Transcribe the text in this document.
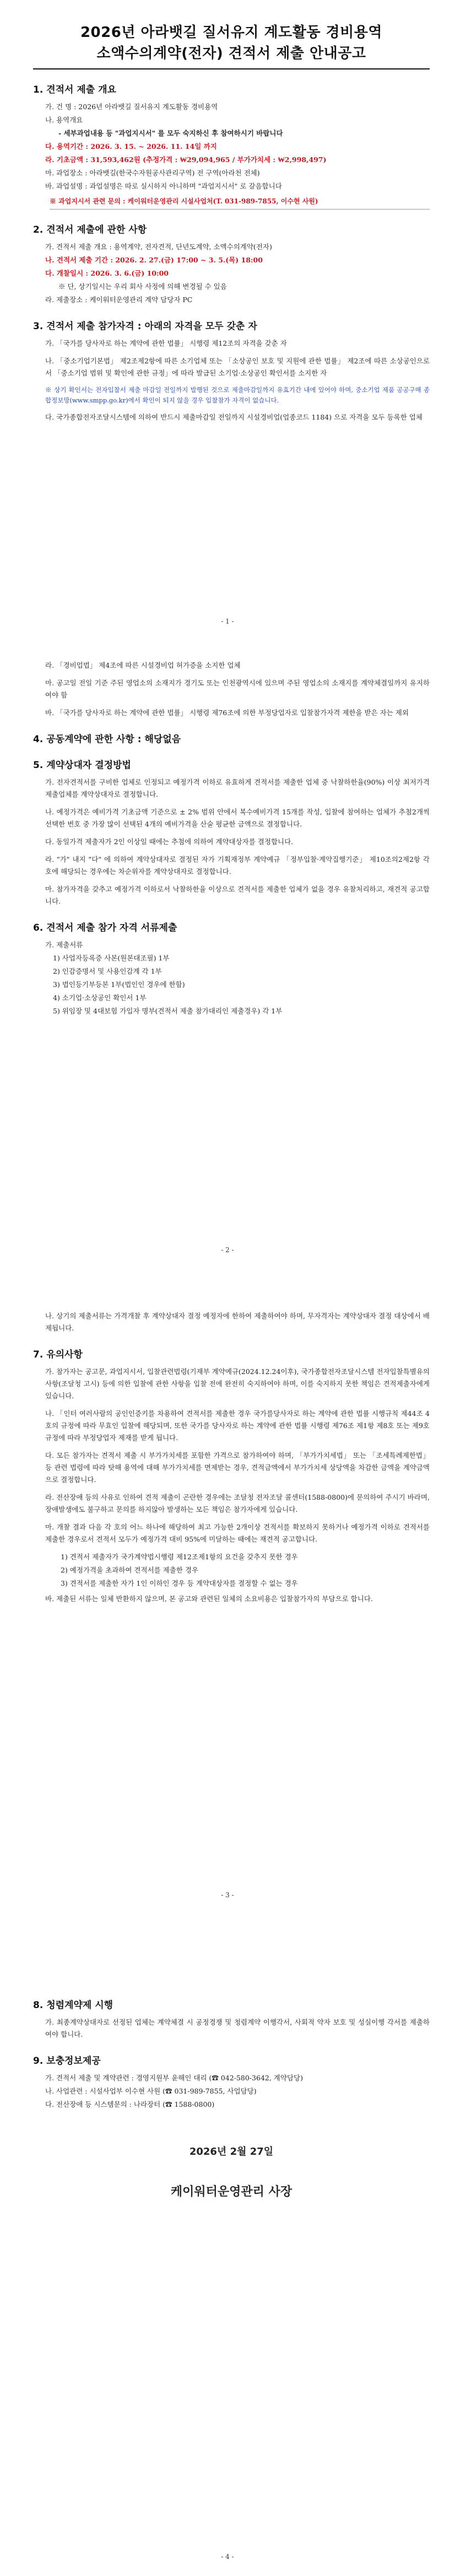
2026년 아라뱃길 질서유지 계도활동 경비용역
소액수의계약(전자) 견적서 제출 안내공고
1. 견적서 제출 개요
가. 건 명 : 2026년 아라뱃길 질서유지 계도활동 경비용역
나. 용역개요
- 세부과업내용 등 "과업지시서" 를 모두 숙지하신 후 참여하시기 바랍니다
다. 용역기간 : 2026. 3. 15. ~ 2026. 11. 14일 까지
라. 기초금액 : 31,593,462원 (추정가격 : ₩29,094,965 / 부가가치세 : ₩2,998,497)
마. 과업장소 : 아라뱃길(한국수자원공사관리구역) 전 구역(아라천 전체)
바. 과업설명 : 과업설명은 따로 실시하지 아니하며 "과업지시서" 로 갈음합니다
※ 과업지시서 관련 문의 : 케이워터운영관리 시설사업처(T. 031-989-7855, 이수현 사원)
2. 견적서 제출에 관한 사항
가. 견적서 제출 개요 : 용역계약, 전자견적, 단년도계약, 소액수의계약(전자)
나. 견적서 제출 기간 : 2026. 2. 27.(금) 17:00 ~ 3. 5.(목) 18:00
다. 개찰일시 : 2026. 3. 6.(금) 10:00
※ 단, 상기일시는 우리 회사 사정에 의해 변경될 수 있음
라. 제출장소 : 케이워터운영관리 계약 담당자 PC
3. 견적서 제출 참가자격 : 아래의 자격을 모두 갖춘 자
가. 「국가를 당사자로 하는 계약에 관한 법률」 시행령 제12조의 자격을 갖춘 자
나. 「중소기업기본법」 제2조제2항에 따른 소기업체 또는 「소상공인 보호 및 지원에 관한 법률」 제2조에 따른 소상공인으로서 「중소기업 범위 및 확인에 관한 규정」에 따라 발급된 소기업·소상공인 확인서를 소지한 자
※ 상기 확인서는 전자입찰서 제출 마감일 전일까지 발행된 것으로 제출마감일까지 유효기간 내에 있어야 하며, 중소기업 제품 공공구매 종합정보망(www.smpp.go.kr)에서 확인이 되지 않을 경우 입찰참가 자격이 없습니다.
다. 국가종합전자조달시스템에 의하여 반드시 제출마감일 전일까지 시설경비업(업종코드 1184) 으로 자격을 모두 등록한 업체
- 1 -
라. 「경비업법」 제4조에 따른 시설경비업 허가증을 소지한 업체
마. 공고일 전일 기준 주된 영업소의 소재지가 경기도 또는 인천광역시에 있으며 주된 영업소의 소재지를 계약체결일까지 유지하여야 함
바. 「국가를 당사자로 하는 계약에 관한 법률」 시행령 제76조에 의한 부정당업자로 입찰참가자격 제한을 받은 자는 제외
4. 공동계약에 관한 사항 : 해당없음
5. 계약상대자 결정방법
가. 전자견적서를 구비한 업체로 인정되고 예정가격 이하로 유효하게 견적서를 제출한 업체 중 낙찰하한율(90%) 이상 최저가격 제출업체를 계약상대자로 결정합니다.
나. 예정가격은 예비가격 기초금액 기준으로 ± 2% 범위 안에서 복수예비가격 15개를 작성, 입찰에 참여하는 업체가 추첨2개씩 선택한 번호 중 가장 많이 선택된 4개의 예비가격을 산술 평균한 금액으로 결정합니다.
다. 동일가격 제출자가 2인 이상일 때에는 추첨에 의하여 계약대상자를 결정합니다.
라. "가" 내지 "다" 에 의하여 계약상대자로 결정된 자가 기획재정부 계약예규 「정부입찰·계약집행기준」 제10조의2제2항 각 호에 해당되는 경우에는 차순위자를 계약상대자로 결정합니다.
마. 참가자격을 갖추고 예정가격 이하로서 낙찰하한율 이상으로 견적서를 제출한 업체가 없을 경우 유찰처리하고, 재견적 공고합니다.
6. 견적서 제출 참가 자격 서류제출
가. 제출서류
1) 사업자등록증 사본(원본대조필) 1부
2) 인감증명서 및 사용인감계 각 1부
3) 법인등기부등본 1부(법인인 경우에 한함)
4) 소기업·소상공인 확인서 1부
5) 위임장 및 4대보험 가입자 명부(견적서 제출 참가대리인 제출경우) 각 1부
- 2 -
나. 상기의 제출서류는 가격개찰 후 계약상대자 결정 예정자에 한하여 제출하여야 하며, 무자격자는 계약상대자 결정 대상에서 배제됩니다.
7. 유의사항
가. 참가자는 공고문, 과업지시서, 입찰관련법령(기재부 계약예규(2024.12.24이후), 국가종합전자조달시스템 전자입찰특별유의사항(조달청 고시) 등에 의한 입찰에 관한 사항을 입찰 전에 완전히 숙지하여야 하며, 이를 숙지하지 못한 책임은 견적제출자에게 있습니다.
나. 「인터 여러사람의 공인인증키를 차용하여 견적서를 제출한 경우 국가를당사자로 하는 계약에 관한 법률 시행규칙 제44조 4호의 규정에 따라 무효인 입찰에 해당되며, 또한 국가를 당사자로 하는 계약에 관한 법률 시행령 제76조 제1항 제8호 또는 제9호 규정에 따라 부정당업자 제재를 받게 됩니다.
다. 모든 참가자는 견적서 제출 시 부가가치세를 포함한 가격으로 참가하여야 하며, 「부가가치세법」 또는 「조세특례제한법」 등 관련 법령에 따라 탓해 용역에 대해 부가가치세를 면제받는 경우, 견적금액에서 부가가치세 상당액을 차감한 금액을 계약금액으로 결정합니다.
라. 전산장애 등의 사유로 인하여 견적 제출이 곤란한 경우에는 조달청 전자조달 콜센터(1588-0800)에 문의하여 주시기 바라며, 장애발생에도 불구하고 문의를 하지않아 발생하는 모든 책임은 참가자에게 있습니다.
마. 개찰 결과 다음 각 호의 어느 하나에 해당하여 최고 가능한 2개이상 견적서를 확보하지 못하거나 예정가격 이하로 견적서를 제출한 경우로서 견적서 모두가 예정가격 대비 95%에 미달하는 때에는 재견적 공고합니다.
1) 견적서 제출자가 국가계약법시행령 제12조제1항의 요건을 갖추지 못한 경우
2) 예정가격을 초과하여 견적서를 제출한 경우
3) 견적서를 제출한 자가 1인 이하인 경우 등 계약대상자를 결정할 수 없는 경우
바. 제출된 서류는 일체 반환하지 않으며, 본 공고와 관련된 일체의 소요비용은 입찰참가자의 부담으로 합니다.
- 3 -
8. 청렴계약제 시행
가. 최종계약상대자로 선정된 업체는 계약체결 시 공정경쟁 및 청렴계약 이행각서, 사회적 약자 보호 및 성실이행 각서를 제출하여야 합니다.
9. 보충정보제공
가. 견적서 제출 및 계약관련 : 경영지원부 윤해인 대리 (☎ 042-580-3642, 계약담당)
나. 사업관련 : 시설사업부 이수현 사원 (☎ 031-989-7855, 사업담당)
다. 전산장애 등 시스템문의 : 나라장터 (☎ 1588-0800)
2026년 2월 27일
케이워터운영관리 사장
- 4 -
